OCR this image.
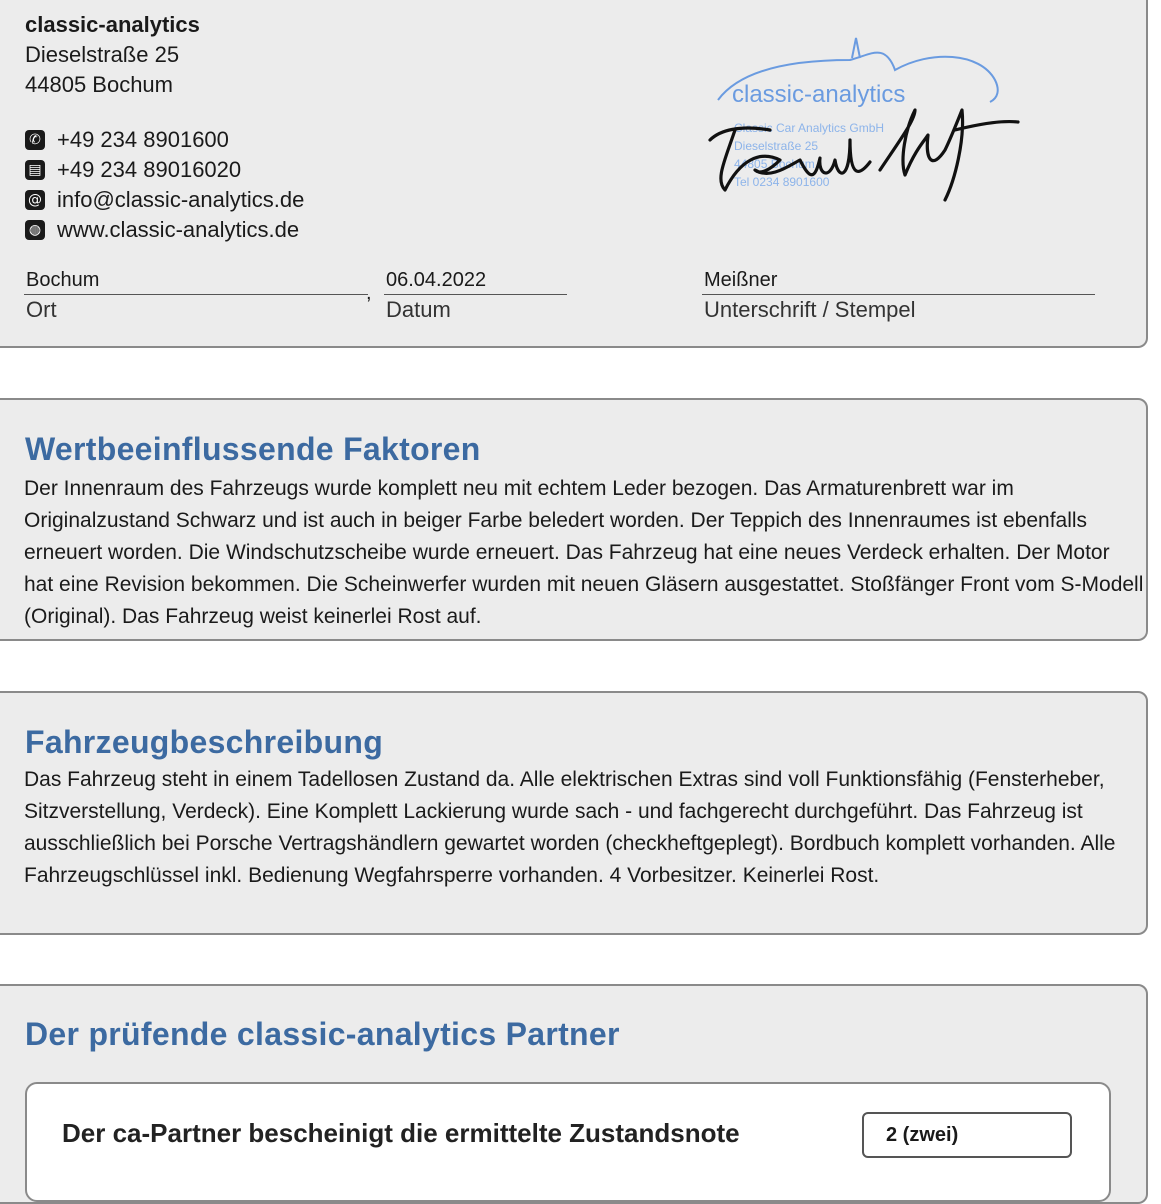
classic-analytics
Dieselstraße 25
44805 Bochum
✆ +49 234 8901600
▤ +49 234 89016020
@ info@classic-analytics.de
◍ www.classic-analytics.de
classic-analytics
Classic Car Analytics GmbH
Dieselstraße 25
44805 Bochum
Tel 0234 8901600
Bochum
Ort
,
06.04.2022
Datum
Meißner
Unterschrift / Stempel
Wertbeeinflussende Faktoren
Der Innenraum des Fahrzeugs wurde komplett neu mit echtem Leder bezogen. Das Armaturenbrett war im Originalzustand Schwarz und ist auch in beiger Farbe beledert worden. Der Teppich des Innenraumes ist ebenfalls erneuert worden. Die Windschutzscheibe wurde erneuert. Das Fahrzeug hat eine neues Verdeck erhalten. Der Motor hat eine Revision bekommen. Die Scheinwerfer wurden mit neuen Gläsern ausgestattet. Stoßfänger Front vom S-Modell (Original). Das Fahrzeug weist keinerlei Rost auf.
Fahrzeugbeschreibung
Das Fahrzeug steht in einem Tadellosen Zustand da. Alle elektrischen Extras sind voll Funktionsfähig (Fensterheber, Sitzverstellung, Verdeck). Eine Komplett Lackierung wurde sach - und fachgerecht durchgeführt. Das Fahrzeug ist ausschließlich bei Porsche Vertragshändlern gewartet worden (checkheftgeplegt). Bordbuch komplett vorhanden. Alle Fahrzeugschlüssel inkl. Bedienung Wegfahrsperre vorhanden. 4 Vorbesitzer. Keinerlei Rost.
Der prüfende classic-analytics Partner
Der ca-Partner bescheinigt die ermittelte Zustandsnote	2 (zwei)
